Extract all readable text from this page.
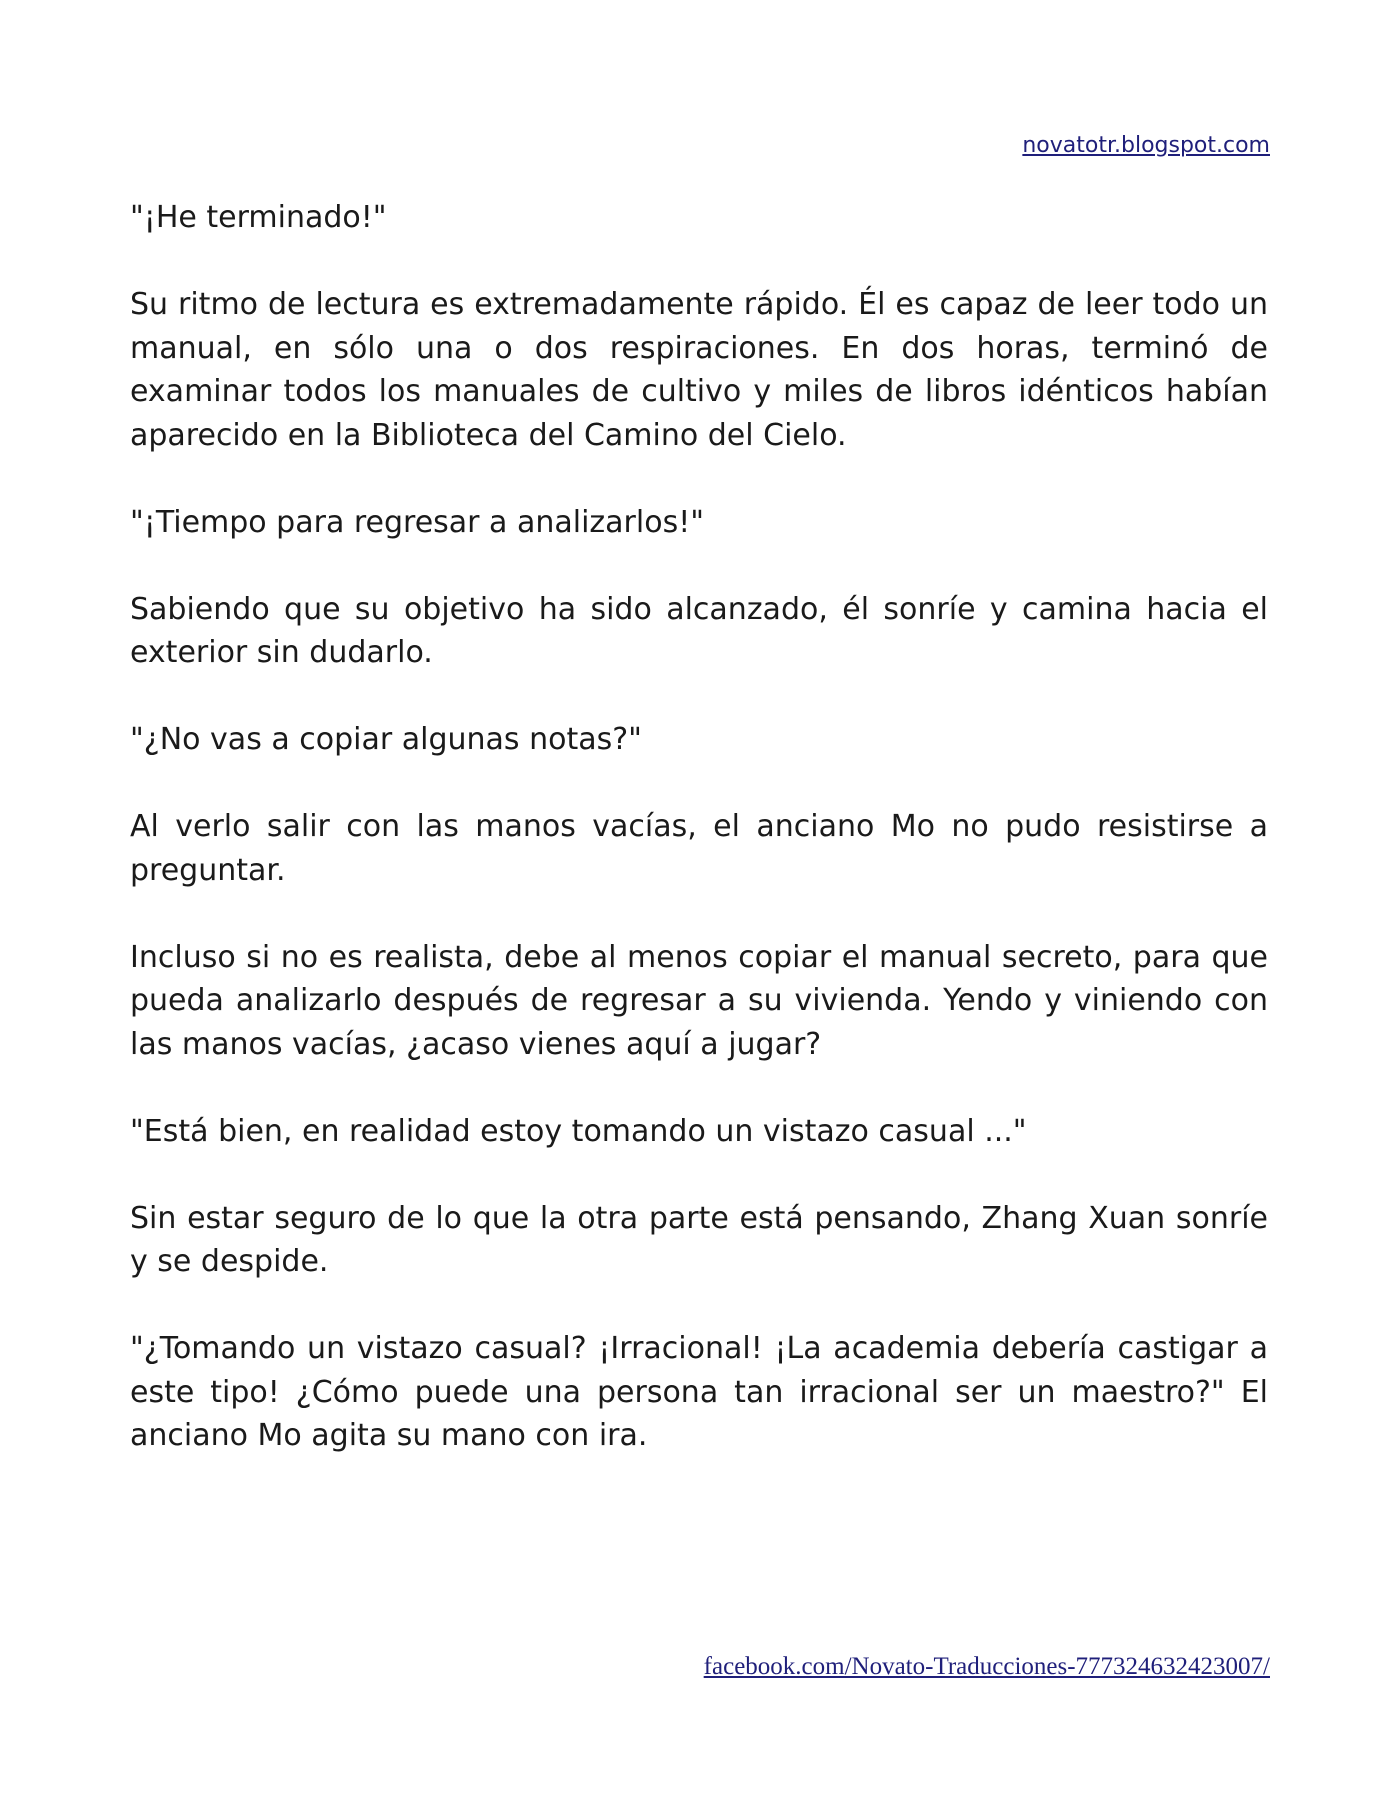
novatotr.blogspot.com

"¡He terminado!"

Su ritmo de lectura es extremadamente rápido. Él es capaz de leer todo un manual, en sólo una o dos respiraciones. En dos horas, terminó de examinar todos los manuales de cultivo y miles de libros idénticos habían aparecido en la Biblioteca del Camino del Cielo.

"¡Tiempo para regresar a analizarlos!"

Sabiendo que su objetivo ha sido alcanzado, él sonríe y camina hacia el exterior sin dudarlo.

"¿No vas a copiar algunas notas?"

Al verlo salir con las manos vacías, el anciano Mo no pudo resistirse a preguntar.

Incluso si no es realista, debe al menos copiar el manual secreto, para que pueda analizarlo después de regresar a su vivienda. Yendo y viniendo con las manos vacías, ¿acaso vienes aquí a jugar?

"Está bien, en realidad estoy tomando un vistazo casual ..."

Sin estar seguro de lo que la otra parte está pensando, Zhang Xuan sonríe y se despide.

"¿Tomando un vistazo casual? ¡Irracional! ¡La academia debería castigar a este tipo! ¿Cómo puede una persona tan irracional ser un maestro?" El anciano Mo agita su mano con ira.

facebook.com/Novato-Traducciones-777324632423007/
